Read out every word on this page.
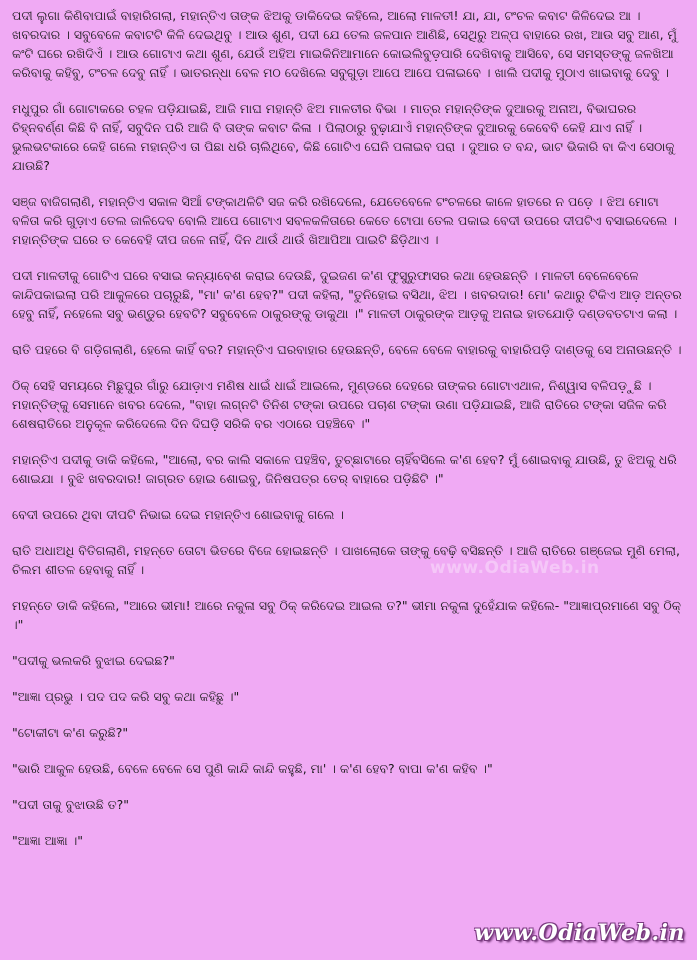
ପଦୀ ଲୁଗା କିଣିବାପାଇଁ ବାହାରିଗଲା, ମହାନ୍ତିଏ ତାଙ୍କ ଝିଅକୁ ଡାକିଦେଇ କହିଲେ, ଆଲୋ ମାଳତୀ! ଯା, ଯା, ଟଂଚଳ କବାଟ କିଳିଦେଇ ଆ । ଖବରଦାର । ସବୁବେଳେ କବାଟଟି କିଳି ଦେଇଥିବୁ । ଆଉ ଶୁଣ, ପଦୀ ଯେ ତେଲ ଜଳପାନ ଆଣିଛି, ସେଥିରୁ ଅଳ୍ପ ବାହାରେ ରଖ, ଆଉ ସବୁ ଆଣ, ମୁଁ କଂଟି ଘରେ ରଖିଦିଏଁ । ଆଉ ଗୋଟାଏ କଥା ଶୁଣ, ଯେଉଁ ଅହିଅ ମାଇକିନିଆମାନେ କୋଇଲିବୁଡ଼ପାରି ଦେଖିବାକୁ ଆସିବେ, ସେ ସମସ୍ତଙ୍କୁ ଜଳଖିଆ କରିବାକୁ କହିବୁ, ଟଂଚଳ ଦେବୁ ନାହିଁ । ଭାତରନ୍ଧା ବେଳ ମଠ ଦେଖିଲେ ସବୁଗୁଡ଼ା ଆପେ ଆପେ ପଳାଇବେ । ଖାଲି ପଦୀକୁ ମୁଠାଏ ଖାଇବାକୁ ଦେବୁ ।

ମଧୁପୁର ଗାଁ ଗୋଟାକରେ ଚହଳ ପଡ଼ିଯାଇଛି, ଆଜି ମାଘ ମହାନ୍ତି ଝିଅ ମାଳତୀର ବିଭା । ମାତ୍ର ମହାନ୍ତିଙ୍କ ଦୁଆରକୁ ଅନାଅ, ବିଭାଘରର ଚିହ୍ନବର୍ଣ୍ଣ କିଛି ବି ନାହିଁ, ସବୁଦିନ ପରି ଆଜି ବି ତାଙ୍କ କବାଟ କିଳା । ପିଲାଠାରୁ ବୁଢ଼ାଯାଏଁ ମହାନ୍ତିଙ୍କ ଦୁଆରକୁ କେବେବି କେହି ଯାଏ ନାହିଁ । ଭୁଲଭଟକାରେ କେହି ଗଲେ ମହାନ୍ତିଏ ତା ପିଛା ଧରି ଚାଲିଥିବେ, କିଛି ଗୋଟିଏ ଘେନି ପଳାଇବ ପରା । ଦୁଆର ତ ବନ୍ଦ, ଭାଟ ଭିକାରି ବା କିଏ ସେଠାକୁ ଯାଉଛି?

ସଞ୍ଜ ବାଜିଗଲାଣି, ମହାନ୍ତିଏ ସକାଳ ସିଆଁ ଟଙ୍କାଥଳିଟି ସଜ କରି ରଖିଦେଲେ, ଯେତେବେଳେ ଟଂଚଳରେ କାଳେ ହାତରେ ନ ପଡ଼େ । ଝିଅ ମୋଟା ବଳିତା କରି ଗୁଡ଼ାଏ ତେଲ ଜାଳିଦେବ ବୋଲି ଆପେ ଗୋଟାଏ ସବଳକଳିତାରେ କେତେ ଟୋପା ତେଲ ପକାଇ ବେଦୀ ଉପରେ ଦୀପଟିଏ ବସାଇଦେଲେ । ମହାନ୍ତିଙ୍କ ଘରେ ତ କେବେହି ଦୀପ ଜଳେ ନାହିଁ, ଦିନ ଥାଉଁ ଥାଉଁ ଖିଆପିଆ ପାଇଟି ଛିଡ଼ିଥାଏ ।

ପଦୀ ମାଳତୀକୁ ଗୋଟିଏ ଘରେ ବସାଇ କନ୍ୟାବେଶ କରାଇ ଦେଉଛି, ଦୁଇଜଣ କ'ଣ ଫୁସୁରୁଫାସର କଥା ହେଉଛନ୍ତି । ମାଳତୀ ବେଳେବେଳେ କାନ୍ଦିପକାଇଲା ପରି ଆକୁଳରେ ପଚାରୁଛି, "ମା' କ'ଣ ହେବ?" ପଦୀ କହିଲା, "ତୁନିହୋଇ ବସିଥା, ଝିଅ । ଖବରଦାର! ମୋ' କଥାରୁ ଟିକିଏ ଆଡ଼ ଅନ୍ତର ହେବୁ ନାହିଁ, ନହେଲେ ସବୁ ଭଣ୍ଡୁର ହେବଟି? ସବୁବେଳେ ଠାକୁରଙ୍କୁ ଡାକୁଥା ।" ମାଳତୀ ଠାକୁରଙ୍କ ଆଡ଼କୁ ଅନାଇ ହାତଯୋଡ଼ି ଦଣ୍ଡବତଟାଏ କଲା ।

ରାତି ପହରେ ବି ଗଡ଼ିଗଲାଣି, ହେଲେ କାହିଁ ବର? ମହାନ୍ତିଏ ଘରବାହାର ହେଉଛନ୍ତି, ବେଳେ ବେଳେ ବାହାରକୁ ବାହାରିପଡ଼ି ଦାଣ୍ଡକୁ ସେ ଅନାଉଛନ୍ତି ।

ଠିକ୍ ସେହି ସମୟରେ ମିଛୁପୁର ଗାଁରୁ ଯୋଡ଼ାଏ ମଣିଷ ଧାଇଁ ଧାଇଁ ଆଇଲେ, ମୁଣ୍ଡରେ ଦେହରେ ତାଙ୍କର ଗୋଟାଏଥାଳ, ନିଶ୍ୱାସ ବଳିପଡ଼ୁଛି । ମହାନ୍ତିଙ୍କୁ ସେମାନେ ଖବର ଦେଲେ, "ବାହା ଲଗ୍ନଟି ତିନିଶ ଟଙ୍କା ଉପରେ ପଚାଶ ଟଙ୍କା ଉଣା ପଡ଼ିଯାଇଛି, ଆଜି ରାତିରେ ଟଙ୍କା ସଜିଳ କରି ଶେଷରାତିରେ ଅନୁକୂଳ କରିଦେଲେ ଦିନ ଦିଘଡ଼ି ସରିକି ବର ଏଠାରେ ପହଞ୍ଚିବେ ।"

ମହାନ୍ତିଏ ପଦୀକୁ ଡାକି କହିଲେ, "ଆଲୋ, ବର କାଲି ସକାଳେ ପହଞ୍ଚିବ, ତୁଚ୍ଛାଟାରେ ଚାହିଁବସିଲେ କ'ଣ ହେବ? ମୁଁ ଶୋଇବାକୁ ଯାଉଛି, ତୁ ଝିଅକୁ ଧରି ଶୋଇଯା । ବୁଝି ଖବରଦାର! ଜାଗ୍ରତ ହୋଇ ଶୋଇବୁ, ଜିନିଷପତ୍ର ତେର୍ ବାହାରେ ପଡ଼ିଛିଟି ।"

ବେଦୀ ଉପରେ ଥିବା ଦୀପଟି ନିଭାଇ ଦେଇ ମହାନ୍ତିଏ ଶୋଇବାକୁ ଗଲେ ।

ରାତି ଅଧାଅଧି ବିତିଗଲାଣି, ମହନ୍ତେ ତୋଟା ଭିତରେ ବିଜେ ହୋଇଛନ୍ତି । ପାଖଲୋକେ ତାଙ୍କୁ ବେଢ଼ି ବସିଛନ୍ତି । ଆଜି ରାତିରେ ଗଞ୍ଜେଇ ମୁଣି ମେଲା, ଚିଲମ ଶୀତଳ ହେବାକୁ ନାହିଁ ।

ମହନ୍ତେ ଡାକି କହିଲେ, "ଆରେ ଭୀମା! ଆରେ ନକୁଳା ସବୁ ଠିକ୍ କରିଦେଇ ଆଇଲ ତ?" ଭୀମା ନକୁଳା ଦୁହେଁଯାକ କହିଲେ- "ଆଜ୍ଞାପ୍ରମାଣେ ସବୁ ଠିକ୍ ।"

"ପଦୀକୁ ଭଲକରି ବୁଝାଇ ଦେଇଛ?"

"ଆଜ୍ଞା ପ୍ରଭୁ । ପଦ ପଦ କରି ସବୁ କଥା କହିଛୁ ।"

"ଟୋକୀଟା କ'ଣ କରୁଛି?"

"ଭାରି ଆକୁଳ ହେଉଛି, ବେଳେ ବେଳେ ସେ ପୁଣି କାନ୍ଦି କାନ୍ଦି କହୁଛି, ମା' । କ'ଣ ହେବ? ବାପା କ'ଣ କହିବ ।"

"ପଦୀ ତାକୁ ବୁଝାଉଛି ତ?"

"ଆଜ୍ଞା ଆଜ୍ଞା ।"

www.OdiaWeb.in
www.OdiaWeb.in
